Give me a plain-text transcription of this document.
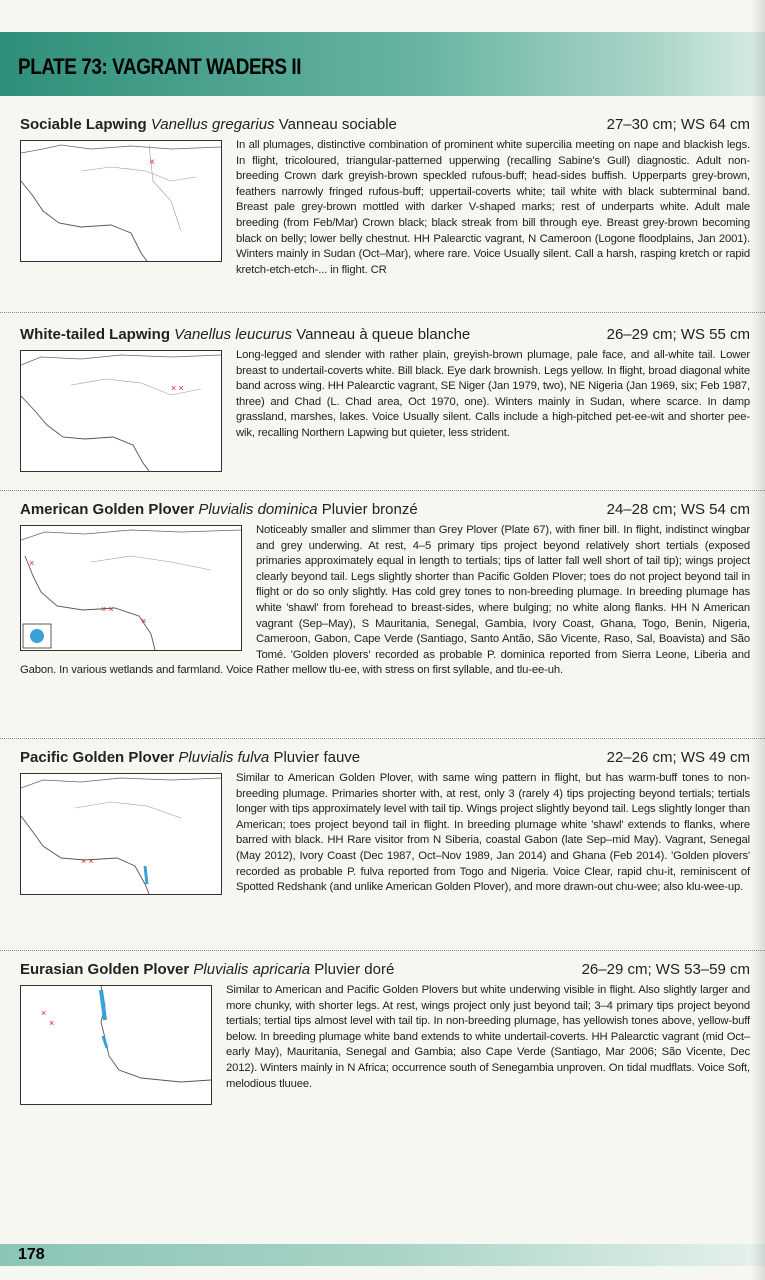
PLATE 73: VAGRANT WADERS II
Sociable Lapwing Vanellus gregarius Vanneau sociable	27–30 cm; WS 64 cm
×
In all plumages, distinctive combination of prominent white supercilia meeting on nape and blackish legs. In flight, tricoloured, triangular-patterned upperwing (recalling Sabine's Gull) diagnostic. Adult non-breeding Crown dark greyish-brown speckled rufous-buff; head-sides buffish. Upperparts grey-brown, feathers narrowly fringed rufous-buff; uppertail-coverts white; tail white with black subterminal band. Breast pale grey-brown mottled with darker V-shaped marks; rest of underparts white. Adult male breeding (from Feb/Mar) Crown black; black streak from bill through eye. Breast grey-brown becoming black on belly; lower belly chestnut. HH Palearctic vagrant, N Cameroon (Logone floodplains, Jan 2001). Winters mainly in Sudan (Oct–Mar), where rare. Voice Usually silent. Call a harsh, rasping kretch or rapid kretch-etch-etch-... in flight. CR
White-tailed Lapwing Vanellus leucurus Vanneau à queue blanche	26–29 cm; WS 55 cm
× ×
Long-legged and slender with rather plain, greyish-brown plumage, pale face, and all-white tail. Lower breast to undertail-coverts white. Bill black. Eye dark brownish. Legs yellow. In flight, broad diagonal white band across wing. HH Palearctic vagrant, SE Niger (Jan 1979, two), NE Nigeria (Jan 1969, six; Feb 1987, three) and Chad (L. Chad area, Oct 1970, one). Winters mainly in Sudan, where scarce. In damp grassland, marshes, lakes. Voice Usually silent. Calls include a high-pitched pet-ee-wit and shorter pee-wik, recalling Northern Lapwing but quieter, less strident.
American Golden Plover Pluvialis dominica Pluvier bronzé	24–28 cm; WS 54 cm
×
× ×
×
Noticeably smaller and slimmer than Grey Plover (Plate 67), with finer bill. In flight, indistinct wingbar and grey underwing. At rest, 4–5 primary tips project beyond relatively short tertials (exposed primaries approximately equal in length to tertials; tips of latter fall well short of tail tip); wings project clearly beyond tail. Legs slightly shorter than Pacific Golden Plover; toes do not project beyond tail in flight or do so only slightly. Has cold grey tones to non-breeding plumage. In breeding plumage has white 'shawl' from forehead to breast-sides, where bulging; no white along flanks. HH N American vagrant (Sep–May), S Mauritania, Senegal, Gambia, Ivory Coast, Ghana, Togo, Benin, Nigeria, Cameroon, Gabon, Cape Verde (Santiago, Santo Antão, São Vicente, Raso, Sal, Boavista) and São Tomé. 'Golden plovers' recorded as probable P. dominica reported from Sierra Leone, Liberia and Gabon. In various wetlands and farmland. Voice Rather mellow tlu-ee, with stress on first syllable, and tlu-ee-uh.
Pacific Golden Plover Pluvialis fulva Pluvier fauve	22–26 cm; WS 49 cm
× ×
Similar to American Golden Plover, with same wing pattern in flight, but has warm-buff tones to non-breeding plumage. Primaries shorter with, at rest, only 3 (rarely 4) tips projecting beyond tertials; tertials longer with tips approximately level with tail tip. Wings project slightly beyond tail. Legs slightly longer than American; toes project beyond tail in flight. In breeding plumage white 'shawl' extends to flanks, where barred with black. HH Rare visitor from N Siberia, coastal Gabon (late Sep–mid May). Vagrant, Senegal (May 2012), Ivory Coast (Dec 1987, Oct–Nov 1989, Jan 2014) and Ghana (Feb 2014). 'Golden plovers' recorded as probable P. fulva reported from Togo and Nigeria. Voice Clear, rapid chu-it, reminiscent of Spotted Redshank (and unlike American Golden Plover), and more drawn-out chu-wee; also klu-wee-up.
Eurasian Golden Plover Pluvialis apricaria Pluvier doré	26–29 cm; WS 53–59 cm
×
×
Similar to American and Pacific Golden Plovers but white underwing visible in flight. Also slightly larger and more chunky, with shorter legs. At rest, wings project only just beyond tail; 3–4 primary tips project beyond tertials; tertial tips almost level with tail tip. In non-breeding plumage, has yellowish tones above, yellow-buff below. In breeding plumage white band extends to white undertail-coverts. HH Palearctic vagrant (mid Oct–early May), Mauritania, Senegal and Gambia; also Cape Verde (Santiago, Mar 2006; São Vicente, Dec 2012). Winters mainly in N Africa; occurrence south of Senegambia unproven. On tidal mudflats. Voice Soft, melodious tluuee.
178
